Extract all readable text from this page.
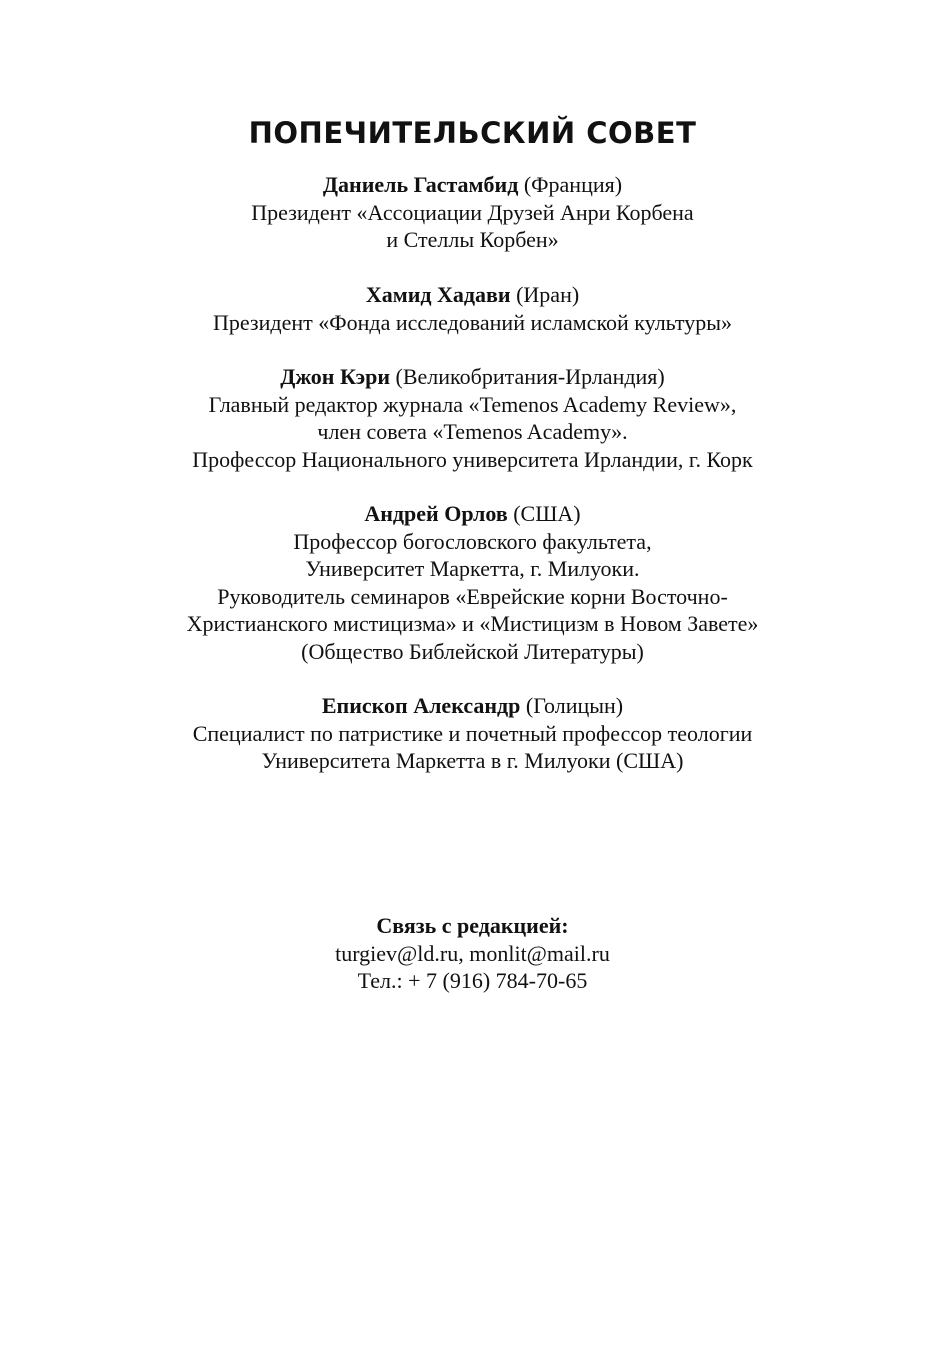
ПОПЕЧИТЕЛЬСКИЙ СОВЕТ
Даниель Гастамбид (Франция)
Президент «Ассоциации Друзей Анри Корбена
и Стеллы Корбен»
Хамид Хадави (Иран)
Президент «Фонда исследований исламской культуры»
Джон Кэри (Великобритания-Ирландия)
Главный редактор журнала «Temenos Academy Review»,
член совета «Temenos Academy».
Профессор Национального университета Ирландии, г. Корк
Андрей Орлов (США)
Профессор богословского факультета,
Университет Маркетта, г. Милуоки.
Руководитель семинаров «Еврейские корни Восточно-
Христианского мистицизма» и «Мистицизм в Новом Завете»
(Общество Библейской Литературы)
Епископ Александр (Голицын)
Специалист по патристике и почетный профессор теологии
Университета Маркетта в г. Милуоки (США)
Связь с редакцией:
turgiev@ld.ru, monlit@mail.ru
Тел.: + 7 (916) 784-70-65
